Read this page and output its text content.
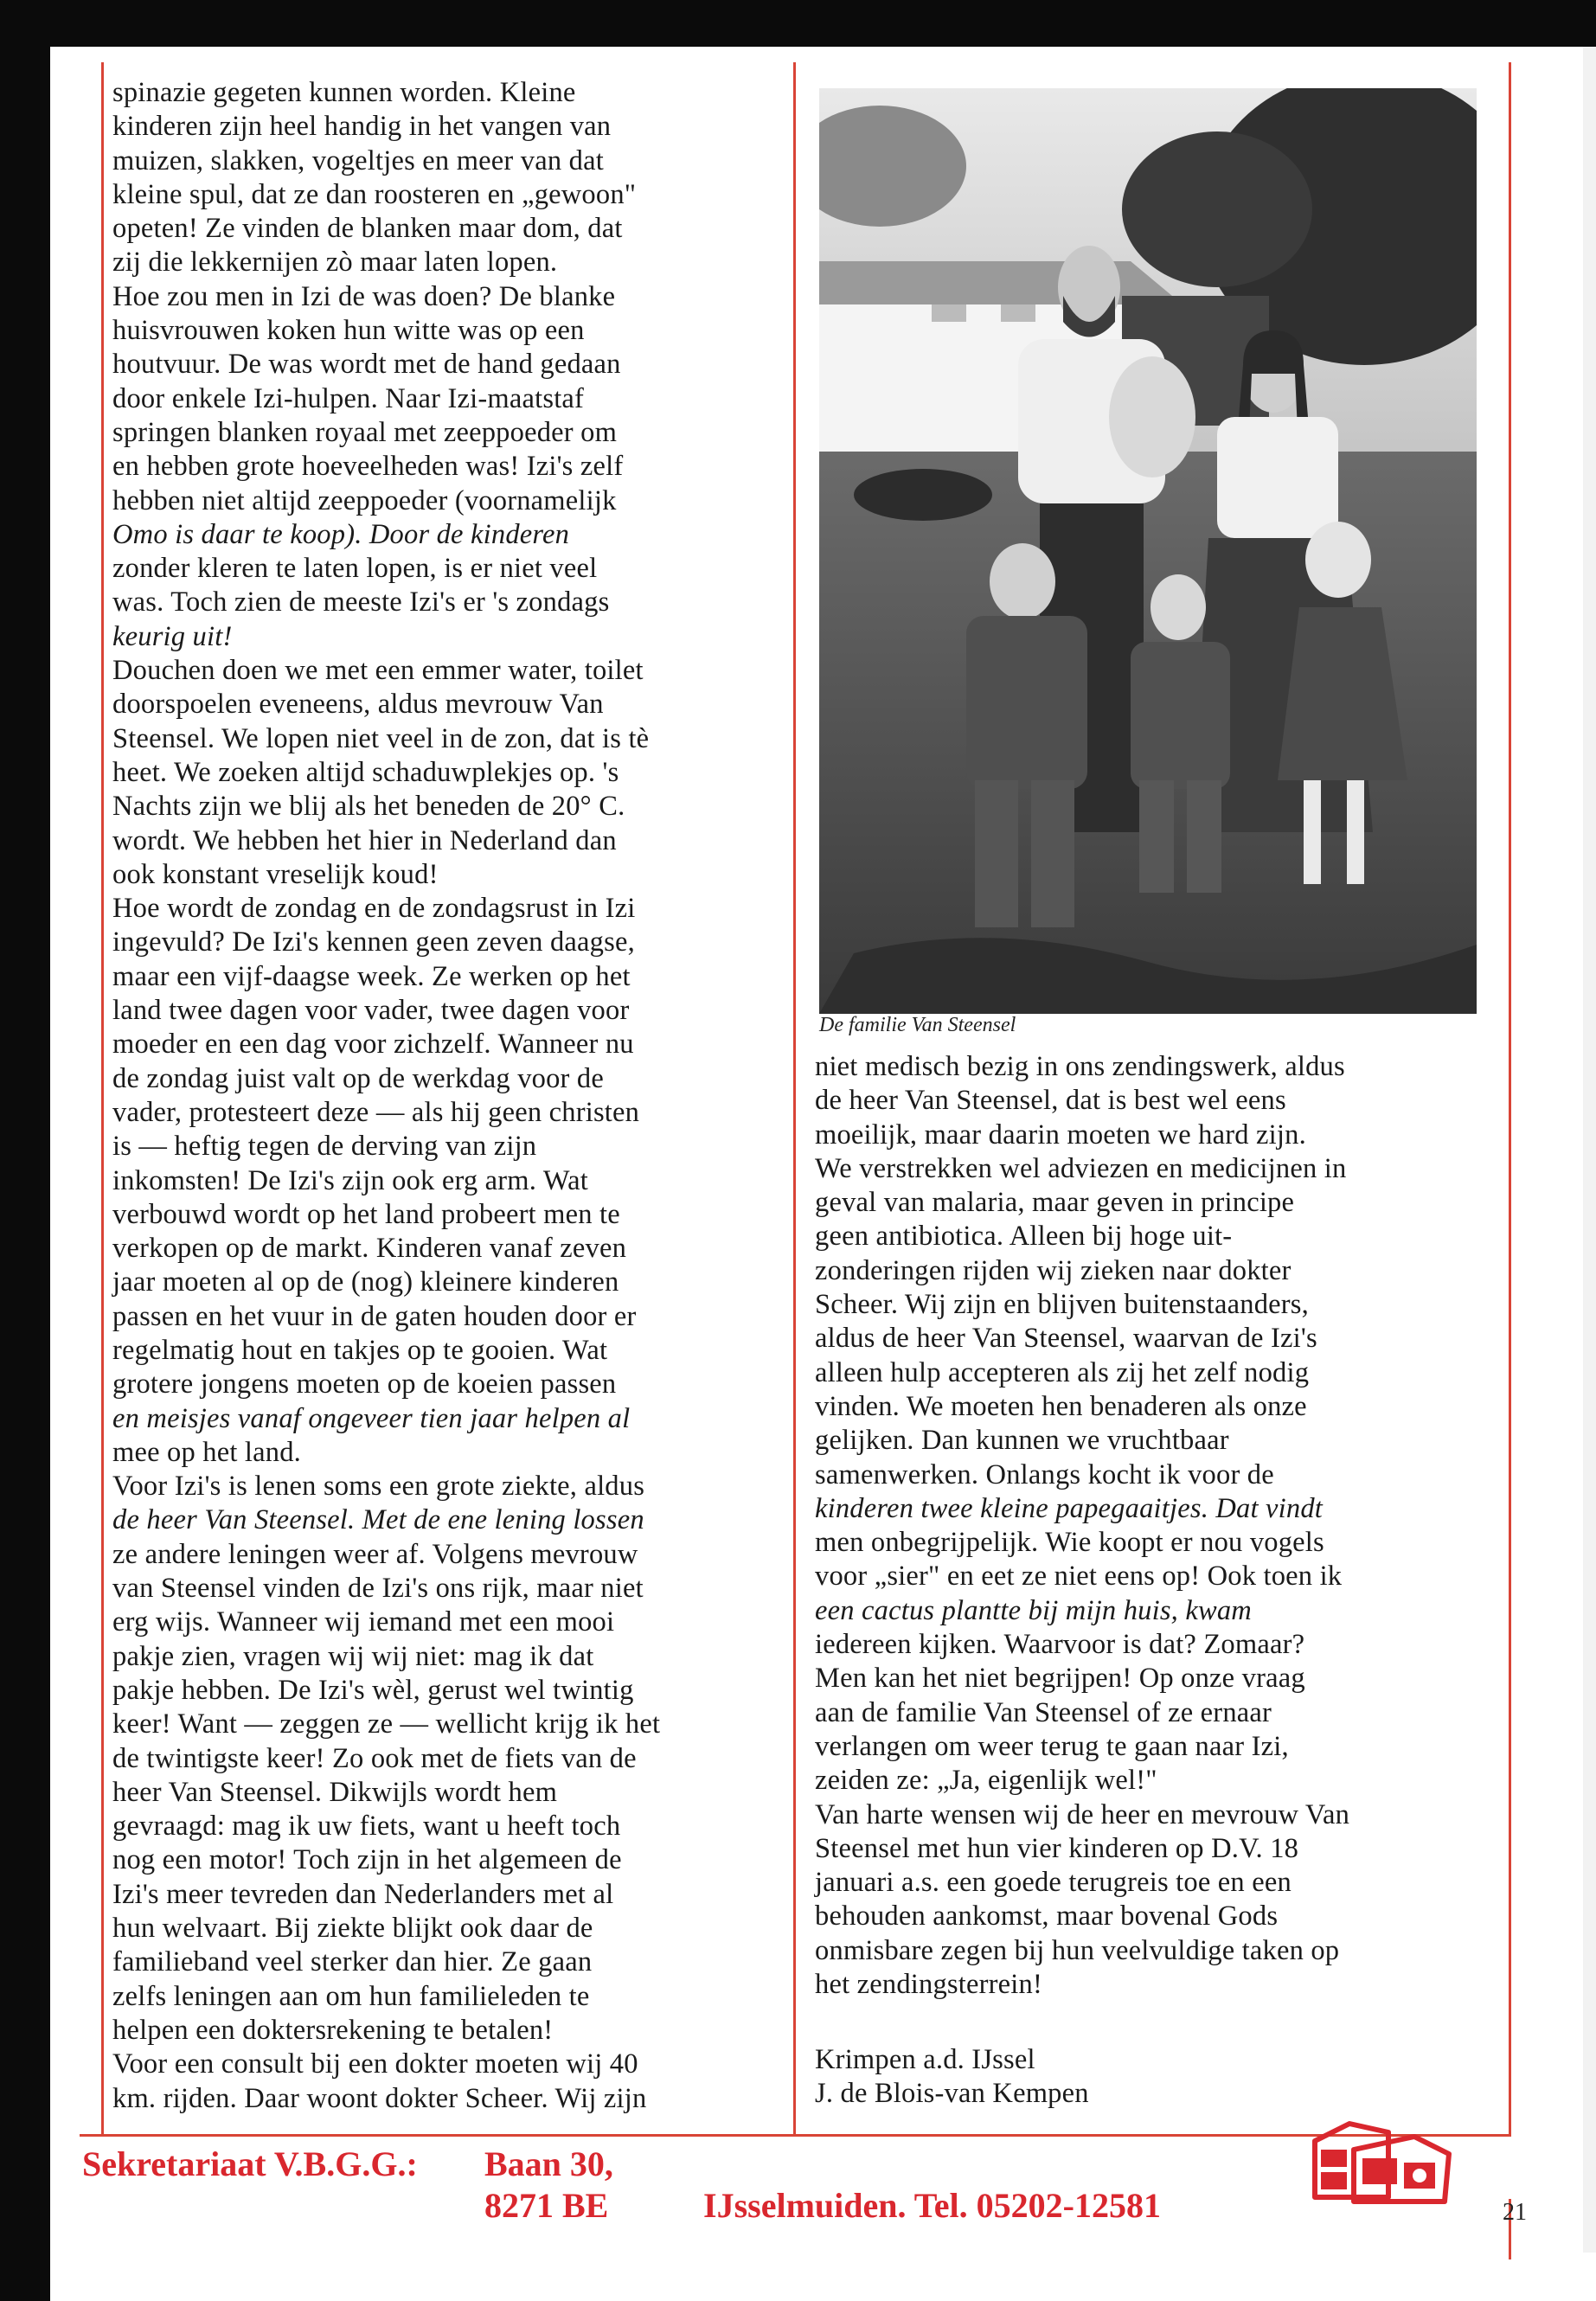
spinazie gegeten kunnen worden. Kleine
kinderen zijn heel handig in het vangen van
muizen, slakken, vogeltjes en meer van dat
kleine spul, dat ze dan roosteren en „gewoon"
opeten! Ze vinden de blanken maar dom, dat
zij die lekkernijen zò maar laten lopen.
Hoe zou men in Izi de was doen? De blanke
huisvrouwen koken hun witte was op een
houtvuur. De was wordt met de hand gedaan
door enkele Izi-hulpen. Naar Izi-maatstaf
springen blanken royaal met zeeppoeder om
en hebben grote hoeveelheden was! Izi's zelf
hebben niet altijd zeeppoeder (voornamelijk
Omo is daar te koop). Door de kinderen
zonder kleren te laten lopen, is er niet veel
was. Toch zien de meeste Izi's er 's zondags
keurig uit!
Douchen doen we met een emmer water, toilet
doorspoelen eveneens, aldus mevrouw Van
Steensel. We lopen niet veel in de zon, dat is tè
heet. We zoeken altijd schaduwplekjes op. 's
Nachts zijn we blij als het beneden de 20° C.
wordt. We hebben het hier in Nederland dan
ook konstant vreselijk koud!
Hoe wordt de zondag en de zondagsrust in Izi
ingevuld? De Izi's kennen geen zeven daagse,
maar een vijf-daagse week. Ze werken op het
land twee dagen voor vader, twee dagen voor
moeder en een dag voor zichzelf. Wanneer nu
de zondag juist valt op de werkdag voor de
vader, protesteert deze — als hij geen christen
is — heftig tegen de derving van zijn
inkomsten! De Izi's zijn ook erg arm. Wat
verbouwd wordt op het land probeert men te
verkopen op de markt. Kinderen vanaf zeven
jaar moeten al op de (nog) kleinere kinderen
passen en het vuur in de gaten houden door er
regelmatig hout en takjes op te gooien. Wat
grotere jongens moeten op de koeien passen
en meisjes vanaf ongeveer tien jaar helpen al
mee op het land.
Voor Izi's is lenen soms een grote ziekte, aldus
de heer Van Steensel. Met de ene lening lossen
ze andere leningen weer af. Volgens mevrouw
van Steensel vinden de Izi's ons rijk, maar niet
erg wijs. Wanneer wij iemand met een mooi
pakje zien, vragen wij wij niet: mag ik dat
pakje hebben. De Izi's wèl, gerust wel twintig
keer! Want — zeggen ze — wellicht krijg ik het
de twintigste keer! Zo ook met de fiets van de
heer Van Steensel. Dikwijls wordt hem
gevraagd: mag ik uw fiets, want u heeft toch
nog een motor! Toch zijn in het algemeen de
Izi's meer tevreden dan Nederlanders met al
hun welvaart. Bij ziekte blijkt ook daar de
familieband veel sterker dan hier. Ze gaan
zelfs leningen aan om hun familieleden te
helpen een doktersrekening te betalen!
Voor een consult bij een dokter moeten wij 40
km. rijden. Daar woont dokter Scheer. Wij zijn
De familie Van Steensel
niet medisch bezig in ons zendingswerk, aldus
de heer Van Steensel, dat is best wel eens
moeilijk, maar daarin moeten we hard zijn.
We verstrekken wel adviezen en medicijnen in
geval van malaria, maar geven in principe
geen antibiotica. Alleen bij hoge uit-
zonderingen rijden wij zieken naar dokter
Scheer. Wij zijn en blijven buitenstaanders,
aldus de heer Van Steensel, waarvan de Izi's
alleen hulp accepteren als zij het zelf nodig
vinden. We moeten hen benaderen als onze
gelijken. Dan kunnen we vruchtbaar
samenwerken. Onlangs kocht ik voor de
kinderen twee kleine papegaaitjes. Dat vindt
men onbegrijpelijk. Wie koopt er nou vogels
voor „sier" en eet ze niet eens op! Ook toen ik
een cactus plantte bij mijn huis, kwam
iedereen kijken. Waarvoor is dat? Zomaar?
Men kan het niet begrijpen! Op onze vraag
aan de familie Van Steensel of ze ernaar
verlangen om weer terug te gaan naar Izi,
zeiden ze: „Ja, eigenlijk wel!"
Van harte wensen wij de heer en mevrouw Van
Steensel met hun vier kinderen op D.V. 18
januari a.s. een goede terugreis toe en een
behouden aankomst, maar bovenal Gods
onmisbare zegen bij hun veelvuldige taken op
het zendingsterrein!
Krimpen a.d. IJssel
J. de Blois-van Kempen
Sekretariaat V.B.G.G.: Baan 30,
8271 BE	IJsselmuiden. Tel. 05202-12581	21
